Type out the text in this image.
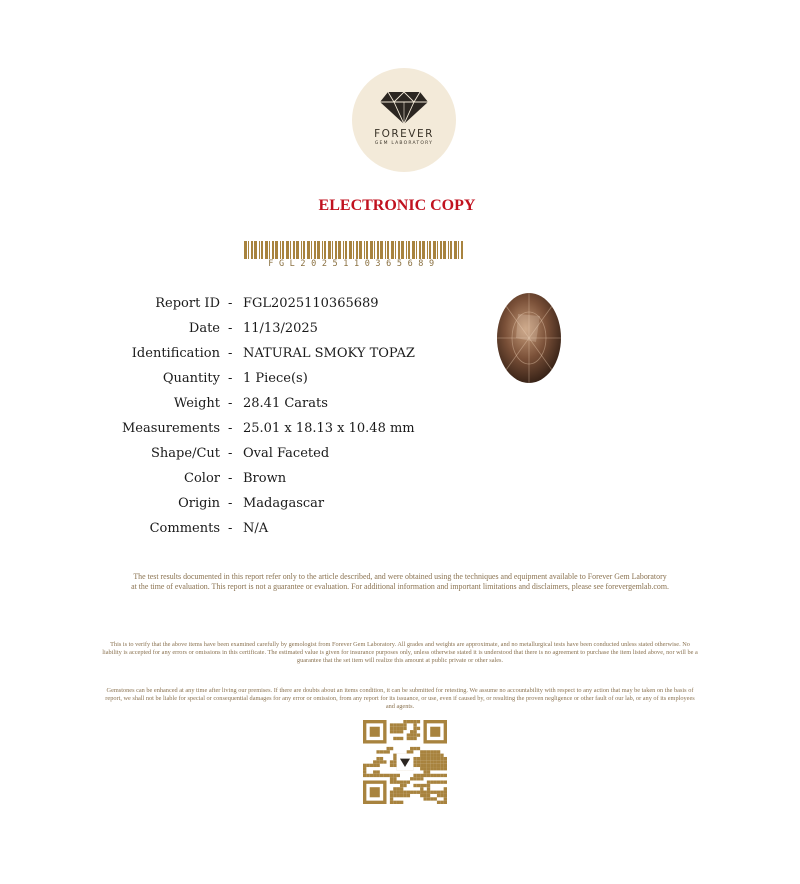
FOREVER
GEM LABORATORY
ELECTRONIC COPY
FGL2025110365689
Report ID - FGL2025110365689
Date - 11/13/2025
Identification - NATURAL SMOKY TOPAZ
Quantity - 1 Piece(s)
Weight - 28.41 Carats
Measurements - 25.01 x 18.13 x 10.48 mm
Shape/Cut - Oval Faceted
Color - Brown
Origin - Madagascar
Comments - N/A
The test results documented in this report refer only to the article described, and were obtained using the techniques and equipment available to Forever Gem Laboratory at the time of evaluation. This report is not a guarantee or evaluation. For additional information and important limitations and disclaimers, please see forevergemlab.com.
This is to verify that the above items have been examined carefully by gemologist from Forever Gem Laboratory. All grades and weights are approximate, and no metallurgical tests have been conducted unless stated otherwise. No liability is accepted for any errors or omissions in this certificate. The estimated value is given for insurance purposes only, unless otherwise stated it is understood that there is no agreement to purchase the item listed above, nor will be a guarantee that the set item will realize this amount at public private or other sales.
Gemstones can be enhanced at any time after living our premises. If there are doubts about an items condition, it can be submitted for retesting. We assume no accountability with respect to any action that may be taken on the basis of report, we shall not be liable for special or consequential damages for any error or omission, from any report for its issuance, or use, even if caused by, or resulting the proven negligence or other fault of our lab, or any of its employees and agents.
